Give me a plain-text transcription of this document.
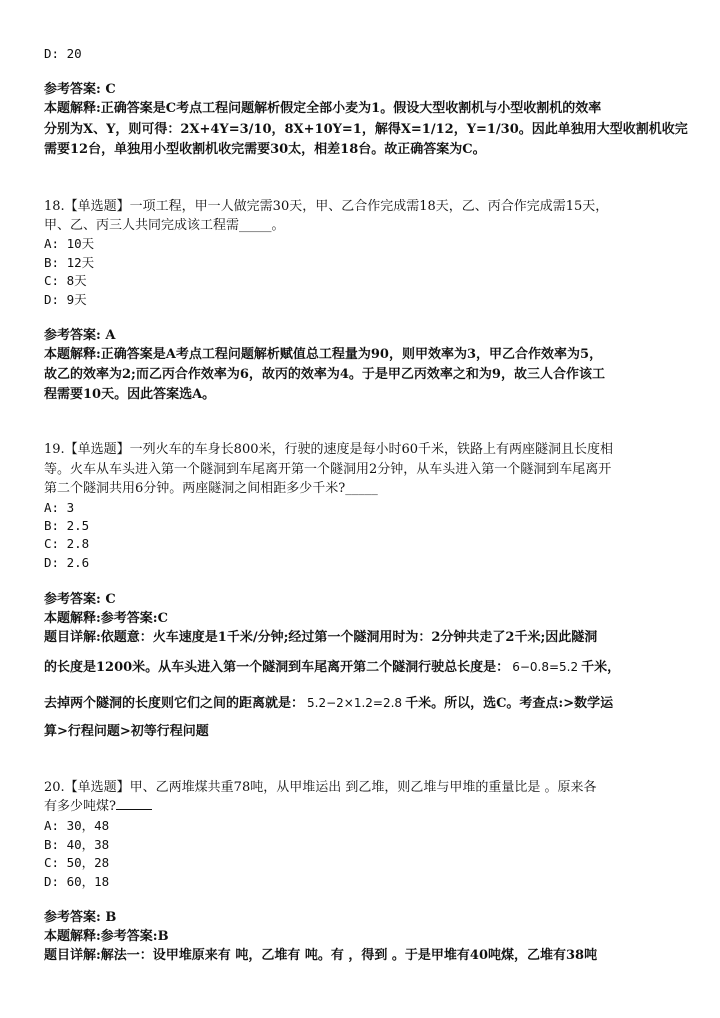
D: 20
参考答案: C
本题解释:正确答案是C考点工程问题解析假定全部小麦为1。假设大型收割机与小型收割机的效率
分别为X、Y，则可得：2X+4Y=3/10，8X+10Y=1，解得X=1/12，Y=1/30。因此单独用大型收割机收完
需要12台，单独用小型收割机收完需要30太，相差18台。故正确答案为C。
18.【单选题】一项工程，甲一人做完需30天，甲、乙合作完成需18天，乙、丙合作完成需15天，
甲、乙、丙三人共同完成该工程需_____。
A: 10天
B: 12天
C: 8天
D: 9天
参考答案: A
本题解释:正确答案是A考点工程问题解析赋值总工程量为90，则甲效率为3，甲乙合作效率为5，
故乙的效率为2;而乙丙合作效率为6，故丙的效率为4。于是甲乙丙效率之和为9，故三人合作该工
程需要10天。因此答案选A。
19.【单选题】一列火车的车身长800米，行驶的速度是每小时60千米，铁路上有两座隧洞且长度相
等。火车从车头进入第一个隧洞到车尾离开第一个隧洞用2分钟，从车头进入第一个隧洞到车尾离开
第二个隧洞共用6分钟。两座隧洞之间相距多少千米?_____
A: 3
B: 2.5
C: 2.8
D: 2.6
参考答案: C
本题解释:参考答案:C
题目详解:依题意：火车速度是1千米/分钟;经过第一个隧洞用时为：2分钟共走了2千米;因此隧洞
的长度是1200米。从车头进入第一个隧洞到车尾离开第二个隧洞行驶总长度是： 6−0.8=5.2 千米，
去掉两个隧洞的长度则它们之间的距离就是： 5.2−2×1.2=2.8 千米。所以，选C。考查点:>数学运
算>行程问题>初等行程问题
20.【单选题】甲、乙两堆煤共重78吨，从甲堆运出 到乙堆，则乙堆与甲堆的重量比是 。原来各
有多少吨煤?
A: 30，48
B: 40，38
C: 50，28
D: 60，18
参考答案: B
本题解释:参考答案:B
题目详解:解法一：设甲堆原来有 吨，乙堆有 吨。有 ，得到 。于是甲堆有40吨煤，乙堆有38吨
